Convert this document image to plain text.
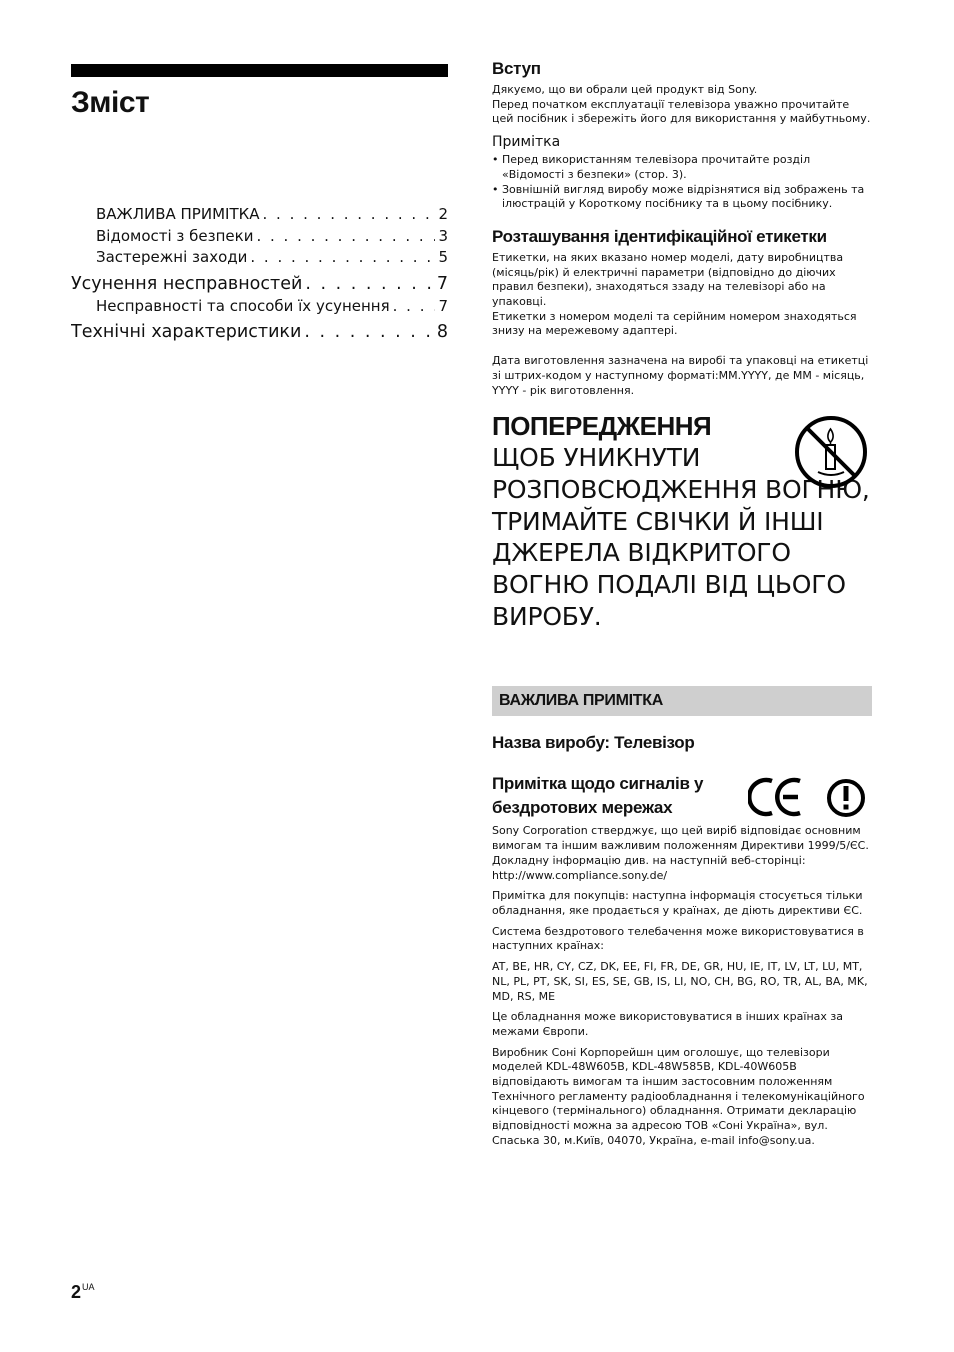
Зміст
ВАЖЛИВА ПРИМІТКА . . .	2
Відомості з безпеки . . .	3
Застережні заходи . . .	5
Усунення несправностей . . .	7
Несправності та способи їх усунення . . .	7
Технічні характеристики . . .	8
Вступ

Дякуємо, що ви обрали цей продукт від Sony.

Перед початком експлуатації телевізора уважно прочитайте цей посібник і збережіть його для використання у майбутньому.

Примітка
• Перед використанням телевізора прочитайте розділ «Відомості з безпеки» (стор. 3).
• Зовнішній вигляд виробу може відрізнятися від зображень та ілюстрацій у Короткому посібнику та в цьому посібнику.
Розташування ідентифікаційної етикетки

Етикетки, на яких вказано номер моделі, дату виробництва (місяць/рік) й електричні параметри (відповідно до діючих правил безпеки), знаходяться ззаду на телевізорі або на упаковці.

Етикетки з номером моделі та серійним номером знаходяться знизу на мережевому адаптері.

Дата виготовлення зазначена на виробі та упаковці на етикетці зі штрих-кодом у наступному форматі:ММ.YYYY, де ММ - місяць, YYYY - рік виготовлення.

ПОПЕРЕДЖЕННЯ
ЩОБ УНИКНУТИ РОЗПОВСЮДЖЕННЯ ВОГНЮ, ТРИМАЙТЕ СВІЧКИ Й ІНШІ ДЖЕРЕЛА ВІДКРИТОГО ВОГНЮ ПОДАЛІ ВІД ЦЬОГО ВИРОБУ.
ВАЖЛИВА ПРИМІТКА
Назва виробу: Телевізор
Примітка щодо сигналів у бездротових мережах

Sony Corporation стверджує, що цей виріб відповідає основним вимогам та іншим важливим положенням Директиви 1999/5/ЄС. Докладну інформацію див. на наступній веб-сторінці: http://www.compliance.sony.de/

Примітка для покупців: наступна інформація стосується тільки обладнання, яке продається у країнах, де діють директиви ЄС.

Система бездротового телебачення може використовуватися в наступних країнах:

AT, BE, HR, CY, CZ, DK, EE, FI, FR, DE, GR, HU, IE, IT, LV, LT, LU, MT, NL, PL, PT, SK, SI, ES, SE, GB, IS, LI, NO, CH, BG, RO, TR, AL, BA, MK, MD, RS, ME

Це обладнання може використовуватися в інших країнах за межами Європи.

Виробник Соні Корпорейшн цим оголошує, що телевізори моделей KDL-48W605B, KDL-48W585B, KDL-40W605B відповідають вимогам та іншим застосовним положенням Технічного регламенту радіообладнання і телекомунікаційного кінцевого (термінального) обладнання. Отримати декларацію відповідності можна за адресою ТОВ «Соні Україна», вул. Спаська 30, м.Київ, 04070, Україна, e-mail info@sony.ua.

$2^{UA}$
